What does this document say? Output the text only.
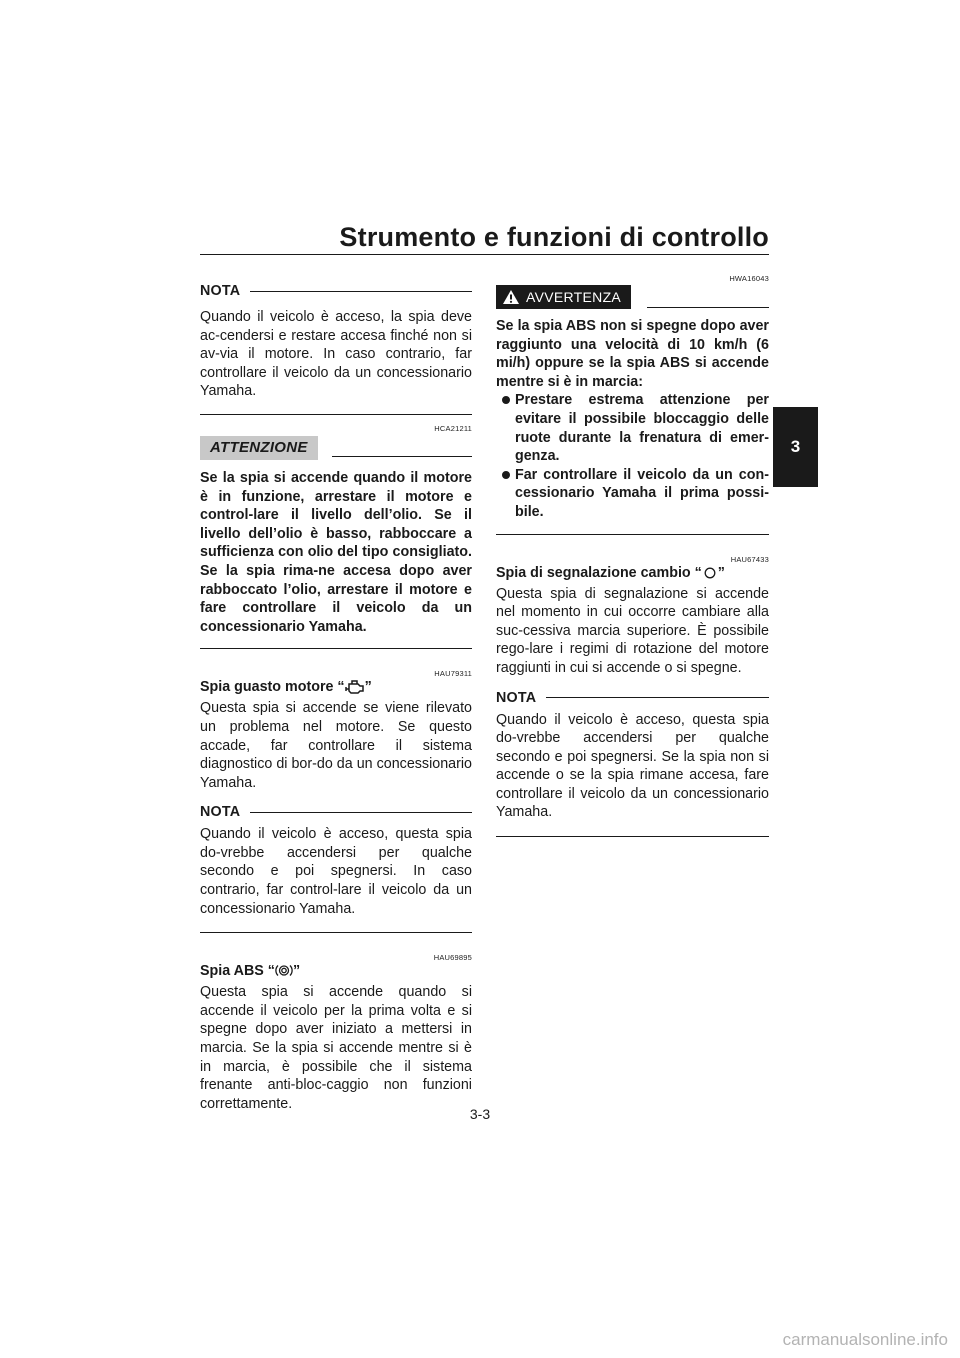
Strumento e funzioni di controllo
3
NOTA

Quando il veicolo è acceso, la spia deve ac-cendersi e restare accesa finché non si av-via il motore. In caso contrario, far controllare il veicolo da un concessionario Yamaha.

HCA21211
ATTENZIONE

Se la spia si accende quando il motore è in funzione, arrestare il motore e control-lare il livello dell’olio. Se il livello dell’olio è basso, rabboccare a sufficienza con olio del tipo consigliato. Se la spia rima-ne accesa dopo aver rabboccato l’olio, arrestare il motore e fare controllare il veicolo da un concessionario Yamaha.

HAU79311

Spia guasto motore “ ”

Questa spia si accende se viene rilevato un problema nel motore. Se questo accade, far controllare il sistema diagnostico di bor-do da un concessionario Yamaha.

NOTA

Quando il veicolo è acceso, questa spia do-vrebbe accendersi per qualche secondo e poi spegnersi. In caso contrario, far control-lare il veicolo da un concessionario Yamaha.

HAU69895

Spia ABS “ ”

Questa spia si accende quando si accende il veicolo per la prima volta e si spegne dopo aver iniziato a mettersi in marcia. Se la spia si accende mentre si è in marcia, è possibile che il sistema frenante anti-bloc-caggio non funzioni correttamente.

HWA16043
AVVERTENZA

Se la spia ABS non si spegne dopo aver raggiunto una velocità di 10 km/h (6 mi/h) oppure se la spia ABS si accende mentre si è in marcia:

Prestare estrema attenzione per evitare il possibile bloccaggio delle ruote durante la frenatura di emer-genza.
Far controllare il veicolo da un con-cessionario Yamaha il prima possi-bile.
HAU67433

Spia di segnalazione cambio “ ”

Questa spia di segnalazione si accende nel momento in cui occorre cambiare alla suc-cessiva marcia superiore. È possibile rego-lare i regimi di rotazione del motore raggiunti in cui si accende o si spegne.

NOTA

Quando il veicolo è acceso, questa spia do-vrebbe accendersi per qualche secondo e poi spegnersi. Se la spia non si accende o se la spia rimane accesa, fare controllare il veicolo da un concessionario Yamaha.

3-3
carmanualsonline.info
